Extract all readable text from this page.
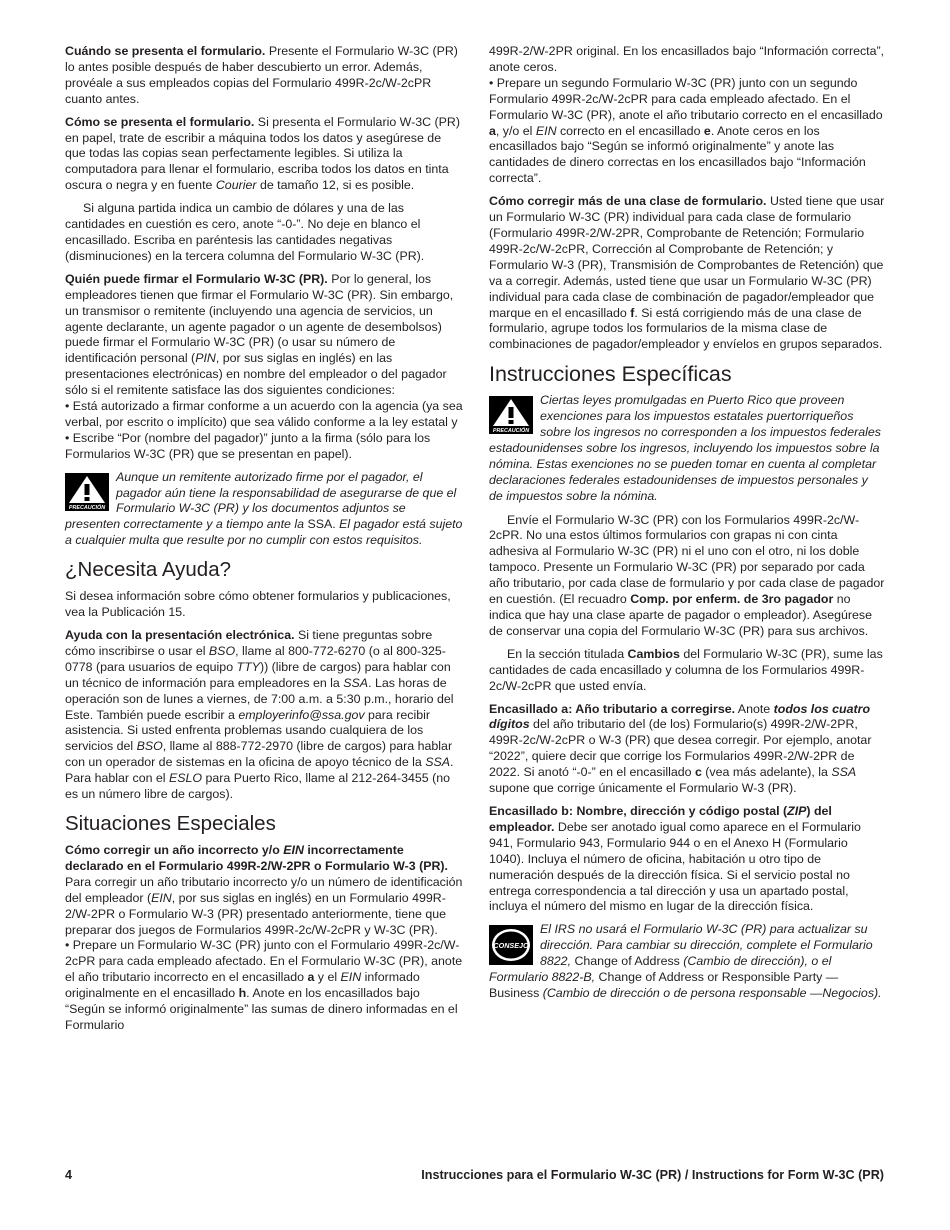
Cuándo se presenta el formulario. Presente el Formulario W-3C (PR) lo antes posible después de haber descubierto un error. Además, provéale a sus empleados copias del Formulario 499R-2c/W-2cPR cuanto antes.

Cómo se presenta el formulario. Si presenta el Formulario W-3C (PR) en papel, trate de escribir a máquina todos los datos y asegúrese de que todas las copias sean perfectamente legibles. Si utiliza la computadora para llenar el formulario, escriba todos los datos en tinta oscura o negra y en fuente Courier de tamaño 12, si es posible.

Si alguna partida indica un cambio de dólares y una de las cantidades en cuestión es cero, anote “-0-”. No deje en blanco el encasillado. Escriba en paréntesis las cantidades negativas (disminuciones) en la tercera columna del Formulario W-3C (PR).

Quién puede firmar el Formulario W-3C (PR). Por lo general, los empleadores tienen que firmar el Formulario W-3C (PR). Sin embargo, un transmisor o remitente (incluyendo una agencia de servicios, un agente declarante, un agente pagador o un agente de desembolsos) puede firmar el Formulario W-3C (PR) (o usar su número de identificación personal (PIN, por sus siglas en inglés) en las presentaciones electrónicas) en nombre del empleador o del pagador sólo si el remitente satisface las dos siguientes condiciones:
• Está autorizado a firmar conforme a un acuerdo con la agencia (ya sea verbal, por escrito o implícito) que sea válido conforme a la ley estatal y
• Escribe “Por (nombre del pagador)” junto a la firma (sólo para los Formularios W-3C (PR) que se presentan en papel).

PRECAUCIÓN
Aunque un remitente autorizado firme por el pagador, el pagador aún tiene la responsabilidad de asegurarse de que el Formulario W-3C (PR) y los documentos adjuntos se presenten correctamente y a tiempo ante la SSA. El pagador está sujeto a cualquier multa que resulte por no cumplir con estos requisitos.
¿Necesita Ayuda?

Si desea información sobre cómo obtener formularios y publicaciones, vea la Publicación 15.

Ayuda con la presentación electrónica. Si tiene preguntas sobre cómo inscribirse o usar el BSO, llame al 800-772-6270 (o al 800-325-0778 (para usuarios de equipo TTY)) (libre de cargos) para hablar con un técnico de información para empleadores en la SSA. Las horas de operación son de lunes a viernes, de 7:00 a.m. a 5:30 p.m., horario del Este. También puede escribir a employerinfo@ssa.gov para recibir asistencia. Si usted enfrenta problemas usando cualquiera de los servicios del BSO, llame al 888-772-2970 (libre de cargos) para hablar con un operador de sistemas en la oficina de apoyo técnico de la SSA. Para hablar con el ESLO para Puerto Rico, llame al 212-264-3455 (no es un número libre de cargos).

Situaciones Especiales

Cómo corregir un año incorrecto y/o EIN incorrectamente declarado en el Formulario 499R-2/W-2PR o Formulario W-3 (PR). Para corregir un año tributario incorrecto y/o un número de identificación del empleador (EIN, por sus siglas en inglés) en un Formulario 499R-2/W-2PR o Formulario W-3 (PR) presentado anteriormente, tiene que preparar dos juegos de Formularios 499R-2c/W-2cPR y W-3C (PR).
• Prepare un Formulario W-3C (PR) junto con el Formulario 499R-2c/W-2cPR para cada empleado afectado. En el Formulario W-3C (PR), anote el año tributario incorrecto en el encasillado a y el EIN informado originalmente en el encasillado h. Anote en los encasillados bajo “Según se informó originalmente” las sumas de dinero informadas en el Formulario

499R-2/W-2PR original. En los encasillados bajo “Información correcta”, anote ceros.
• Prepare un segundo Formulario W-3C (PR) junto con un segundo Formulario 499R-2c/W-2cPR para cada empleado afectado. En el Formulario W-3C (PR), anote el año tributario correcto en el encasillado a, y/o el EIN correcto en el encasillado e. Anote ceros en los encasillados bajo “Según se informó originalmente” y anote las cantidades de dinero correctas en los encasillados bajo “Información correcta”.

Cómo corregir más de una clase de formulario. Usted tiene que usar un Formulario W-3C (PR) individual para cada clase de formulario (Formulario 499R-2/W-2PR, Comprobante de Retención; Formulario 499R-2c/W-2cPR, Corrección al Comprobante de Retención; y Formulario W-3 (PR), Transmisión de Comprobantes de Retención) que va a corregir. Además, usted tiene que usar un Formulario W-3C (PR) individual para cada clase de combinación de pagador/empleador que marque en el encasillado f. Si está corrigiendo más de una clase de formulario, agrupe todos los formularios de la misma clase de combinaciones de pagador/empleador y envíelos en grupos separados.

Instrucciones Específicas
PRECAUCIÓN
Ciertas leyes promulgadas en Puerto Rico que proveen exenciones para los impuestos estatales puertorriqueños sobre los ingresos no corresponden a los impuestos federales estadounidenses sobre los ingresos, incluyendo los impuestos sobre la nómina. Estas exenciones no se pueden tomar en cuenta al completar declaraciones federales estadounidenses de impuestos personales y de impuestos sobre la nómina.

Envíe el Formulario W-3C (PR) con los Formularios 499R-2c/W-2cPR. No una estos últimos formularios con grapas ni con cinta adhesiva al Formulario W-3C (PR) ni el uno con el otro, ni los doble tampoco. Presente un Formulario W-3C (PR) por separado por cada año tributario, por cada clase de formulario y por cada clase de pagador en cuestión. (El recuadro Comp. por enferm. de 3ro pagador no indica que hay una clase aparte de pagador o empleador). Asegúrese de conservar una copia del Formulario W-3C (PR) para sus archivos.

En la sección titulada Cambios del Formulario W-3C (PR), sume las cantidades de cada encasillado y columna de los Formularios 499R-2c/W-2cPR que usted envía.

Encasillado a: Año tributario a corregirse. Anote todos los cuatro dígitos del año tributario del (de los) Formulario(s) 499R-2/W-2PR, 499R-2c/W-2cPR o W-3 (PR) que desea corregir. Por ejemplo, anotar “2022”, quiere decir que corrige los Formularios 499R-2/W-2PR de 2022. Si anotó “-0-” en el encasillado c (vea más adelante), la SSA supone que corrige únicamente el Formulario W-3 (PR).

Encasillado b: Nombre, dirección y código postal (ZIP) del empleador. Debe ser anotado igual como aparece en el Formulario 941, Formulario 943, Formulario 944 o en el Anexo H (Formulario 1040). Incluya el número de oficina, habitación u otro tipo de numeración después de la dirección física. Si el servicio postal no entrega correspondencia a tal dirección y usa un apartado postal, incluya el número del mismo en lugar de la dirección física.

CONSEJO
El IRS no usará el Formulario W-3C (PR) para actualizar su dirección. Para cambiar su dirección, complete el Formulario 8822, Change of Address (Cambio de dirección), o el Formulario 8822-B, Change of Address or Responsible Party — Business (Cambio de dirección o de persona responsable —Negocios).
4	Instrucciones para el Formulario W-3C (PR) / Instructions for Form W-3C (PR)
